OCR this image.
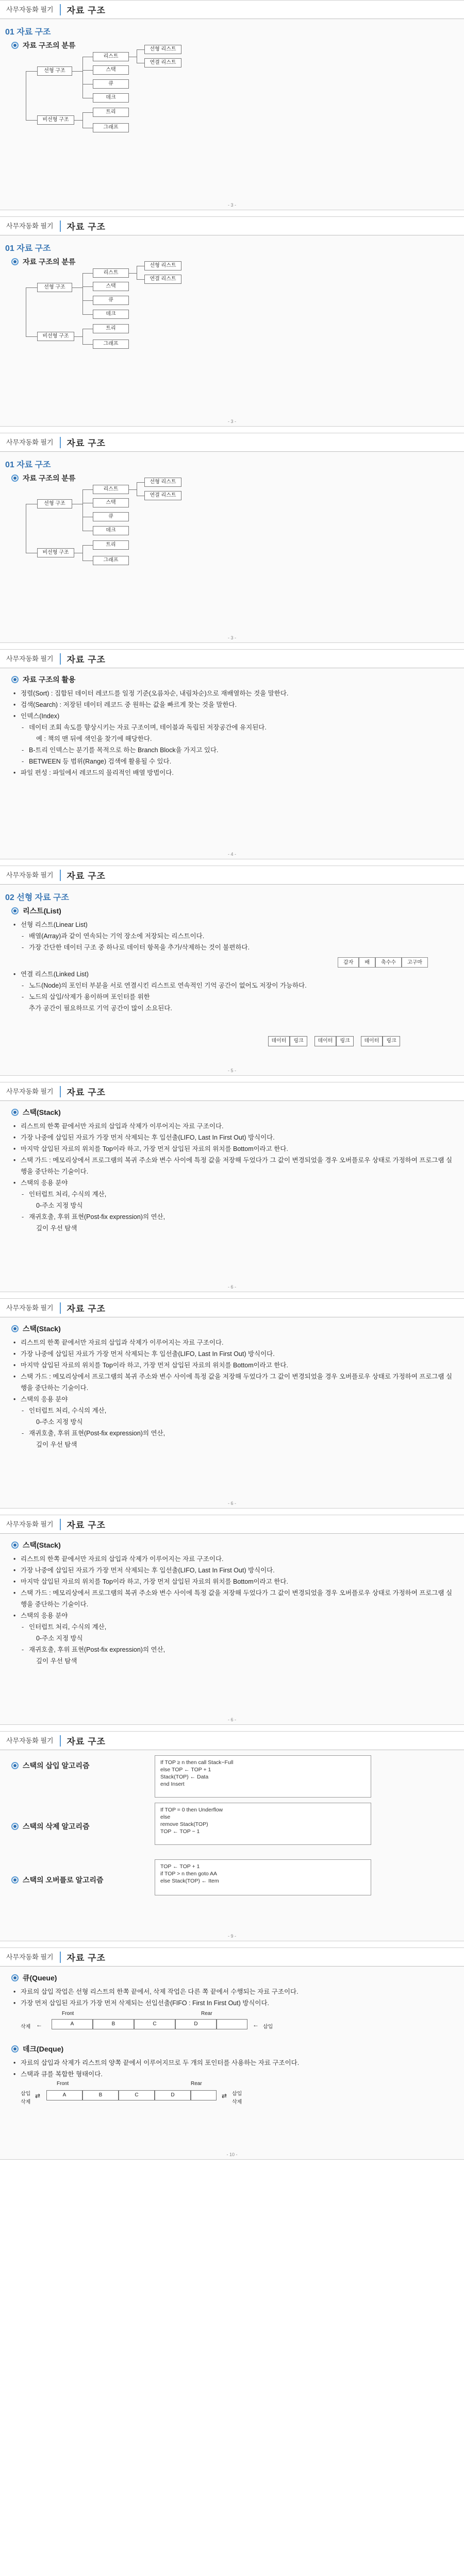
사무자동화 필기	자료 구조
01 자료 구조
자료 구조의 분류
선형 구조
비선형 구조
리스트
스택
큐
데크
선형 리스트
연결 리스트
트리
그래프
- 3 -
사무자동화 필기	자료 구조
01 자료 구조
자료 구조의 분류
선형 구조
비선형 구조
리스트
스택
큐
데크
선형 리스트
연결 리스트
트리
그래프
- 3 -
사무자동화 필기	자료 구조
01 자료 구조
자료 구조의 분류
선형 구조
비선형 구조
리스트
스택
큐
데크
선형 리스트
연결 리스트
트리
그래프
- 3 -
사무자동화 필기	자료 구조
자료 구조의 활용
• 정렬(Sort) : 집합된 데이터 레코드를 일정 기준(오름차순, 내림차순)으로 재배열하는 것을 말한다.
• 검색(Search) : 저장된 데이터 레코드 중 원하는 값을 빠르게 찾는 것을 말한다.
• 인덱스(Index)
- 데이터 조회 속도를 향상시키는 자료 구조이며, 테이블과 독립된 저장공간에 유지된다.
예 : 책의 맨 뒤에 색인을 찾기에 해당한다.
- B-트리 인덱스는 분기를 목적으로 하는 Branch Block을 가지고 있다.
- BETWEEN 등 범위(Range) 검색에 활용될 수 있다.
• 파일 편성 : 파일에서 레코드의 물리적인 배열 방법이다.
- 4 -
사무자동화 필기	자료 구조
02 선형 자료 구조
리스트(List)
• 선형 리스트(Linear List)
- 배열(Array)과 같이 연속되는 기억 장소에 저장되는 리스트이다.
- 가장 간단한 데이터 구조 중 하나로 데이터 항목을 추가/삭제하는 것이 불편하다.
갑자	배	축수수	고구마
• 연결 리스트(Linked List)
- 노드(Node)의 포인터 부분을 서로 연결시킨 리스트로 연속적인 기억 공간이 없어도 저장이 가능하다.
- 노드의 삽입/삭제가 용이하며 포인터를 위한
추가 공간이 필요하므로 기억 공간이 많이 소요된다.
데이터	링크	데이터	링크	데이터	링크
- 5 -
사무자동화 필기	자료 구조
스택(Stack)
• 리스트의 한쪽 끝에서만 자료의 삽입과 삭제가 이루어지는 자료 구조이다.
• 가장 나중에 삽입된 자료가 가장 먼저 삭제되는 후 입선출(LIFO, Last In First Out) 방식이다.
• 마지막 삽입된 자료의 위치를 Top이라 하고, 가장 먼저 삽입된 자료의 위치를 Bottom이라고 한다.
• 스택 가드 : 메모리상에서 프로그램의 복귀 주소와 변수 사이에 특정 값을 저장해 두었다가 그 값이 변경되었을 경우 오버플로우 상태로 가정하여 프로그램 실행을 중단하는 기술이다.
• 스택의 응용 분야
- 인터럽트 처리, 수식의 계산,
0-주소 지정 방식
- 재귀호출, 후위 표현(Post-fix expression)의 연산,
깊이 우선 탐색
- 6 -
사무자동화 필기	자료 구조
스택(Stack)
• 리스트의 한쪽 끝에서만 자료의 삽입과 삭제가 이루어지는 자료 구조이다.
• 가장 나중에 삽입된 자료가 가장 먼저 삭제되는 후 입선출(LIFO, Last In First Out) 방식이다.
• 마지막 삽입된 자료의 위치를 Top이라 하고, 가장 먼저 삽입된 자료의 위치를 Bottom이라고 한다.
• 스택 가드 : 메모리상에서 프로그램의 복귀 주소와 변수 사이에 특정 값을 저장해 두었다가 그 값이 변경되었을 경우 오버플로우 상태로 가정하여 프로그램 실행을 중단하는 기술이다.
• 스택의 응용 분야
- 인터럽트 처리, 수식의 계산,
0-주소 지정 방식
- 재귀호출, 후위 표현(Post-fix expression)의 연산,
깊이 우선 탐색
- 6 -
사무자동화 필기	자료 구조
스택(Stack)
• 리스트의 한쪽 끝에서만 자료의 삽입과 삭제가 이루어지는 자료 구조이다.
• 가장 나중에 삽입된 자료가 가장 먼저 삭제되는 후 입선출(LIFO, Last In First Out) 방식이다.
• 마지막 삽입된 자료의 위치를 Top이라 하고, 가장 먼저 삽입된 자료의 위치를 Bottom이라고 한다.
• 스택 가드 : 메모리상에서 프로그램의 복귀 주소와 변수 사이에 특정 값을 저장해 두었다가 그 값이 변경되었을 경우 오버플로우 상태로 가정하여 프로그램 실행을 중단하는 기술이다.
• 스택의 응용 분야
- 인터럽트 처리, 수식의 계산,
0-주소 지정 방식
- 재귀호출, 후위 표현(Post-fix expression)의 연산,
깊이 우선 탐색
- 6 -
사무자동화 필기	자료 구조
스택의 삽입 알고리즘	If TOP ≥ n then call Stack−Full
else TOP ← TOP + 1
Stack(TOP) ← Data
end Insert
스택의 삭제 알고리즘
If TOP = 0 then Underflow
else
remove Stack(TOP)
TOP ← TOP − 1
스택의 오버플로 알고리즘
TOP ← TOP + 1
if TOP > n then goto AA
else Stack(TOP) ← Item
- 9 -
사무자동화 필기	자료 구조
큐(Queue)
• 자료의 삽입 작업은 선형 리스트의 한쪽 끝에서, 삭제 작업은 다른 쪽 끝에서 수행되는 자료 구조이다.
• 가장 먼저 삽입된 자료가 가장 먼저 삭제되는 선입선출(FIFO : First In First Out) 방식이다.
Front	Rear
삭제 ←	A	B	C	D	← 삽입
데크(Deque)
• 자료의 삽입과 삭제가 리스트의 양쪽 끝에서 이루어지므로 두 개의 포인터를 사용하는 자료 구조이다.
• 스택과 큐를 복합한 형태이다.
Front	Rear
삽입
삭제
⇄	A	B	C	D	⇄ 삽입
삭제
- 10 -
